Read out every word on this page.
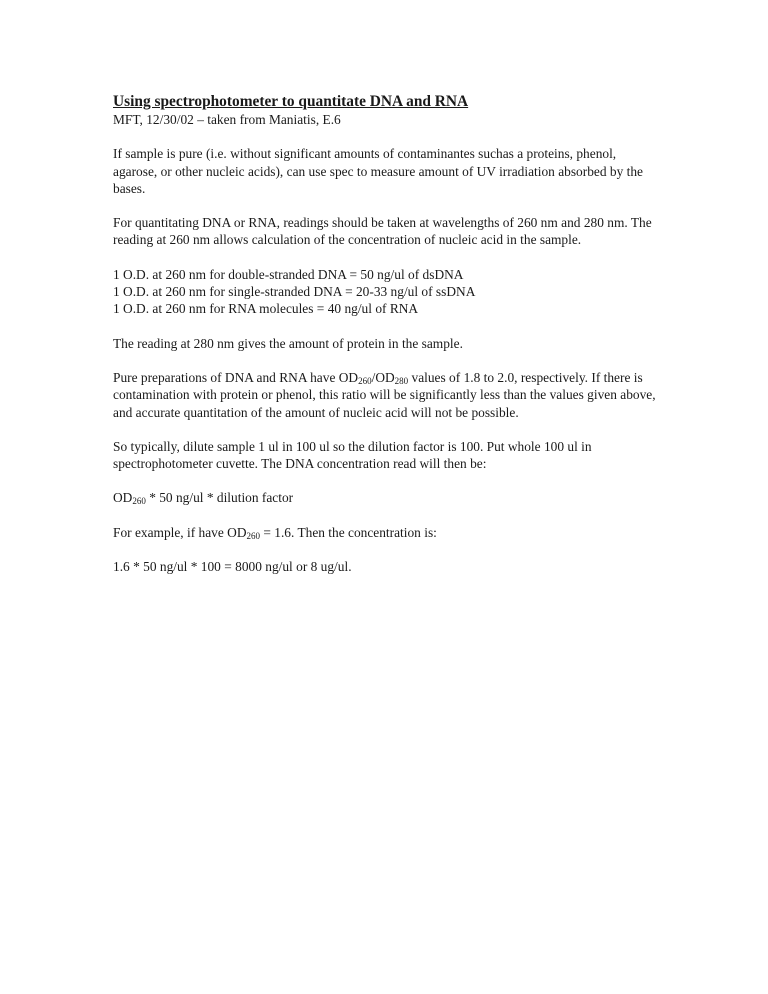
Using spectrophotometer to quantitate DNA and RNA
MFT, 12/30/02 – taken from Maniatis, E.6

If sample is pure (i.e. without significant amounts of contaminantes suchas a proteins, phenol, agarose, or other nucleic acids), can use spec to measure amount of UV irradiation absorbed by the bases.

For quantitating DNA or RNA, readings should be taken at wavelengths of 260 nm and 280 nm. The reading at 260 nm allows calculation of the concentration of nucleic acid in the sample.

1 O.D. at 260 nm for double-stranded DNA = 50 ng/ul of dsDNA
1 O.D. at 260 nm for single-stranded DNA = 20-33 ng/ul of ssDNA
1 O.D. at 260 nm for RNA molecules = 40 ng/ul of RNA

The reading at 280 nm gives the amount of protein in the sample.

Pure preparations of DNA and RNA have $OD_{260}/OD_{280}$ values of 1.8 to 2.0, respectively. If there is contamination with protein or phenol, this ratio will be significantly less than the values given above, and accurate quantitation of the amount of nucleic acid will not be possible.

So typically, dilute sample 1 ul in 100 ul so the dilution factor is 100. Put whole 100 ul in spectrophotometer cuvette. The DNA concentration read will then be:

$OD_{260} * 50$ ng/ul * dilution factor

For example, if have $OD_{260} = 1.6$. Then the concentration is:

1.6 * 50 ng/ul * 100 = 8000 ng/ul or 8 ug/ul.
